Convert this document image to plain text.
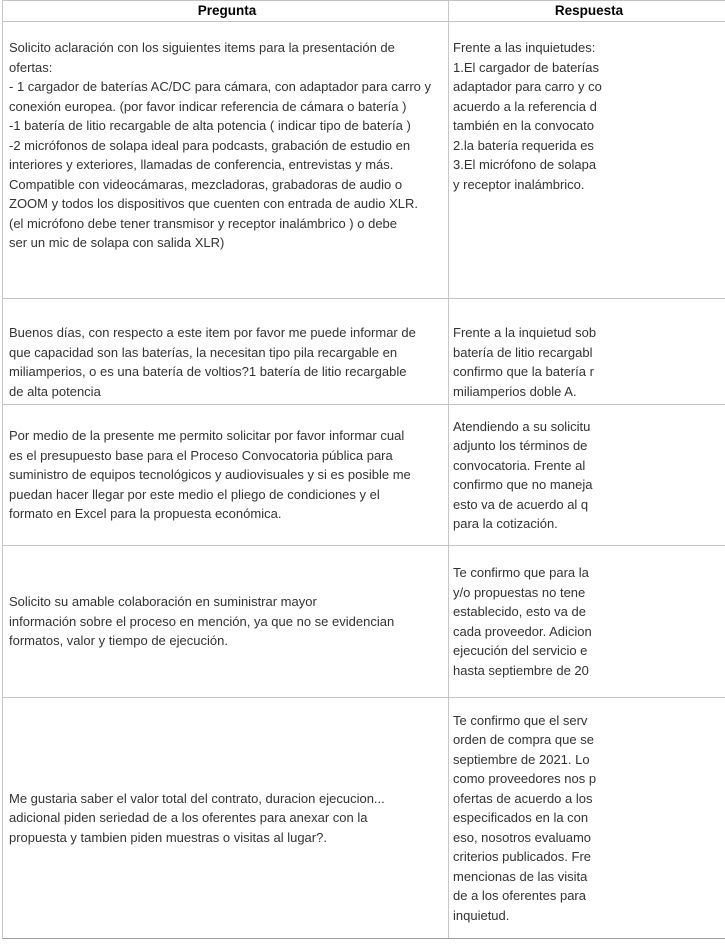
Pregunta	Respuesta
Solicito aclaración con los siguientes items para la presentación de
ofertas:
- 1 cargador de baterías AC/DC para cámara, con adaptador para carro y
conexión europea. (por favor indicar referencia de cámara o batería )
-1 batería de litio recargable de alta potencia ( indicar tipo de batería )
-2 micrófonos de solapa ideal para podcasts, grabación de estudio en
interiores y exteriores, llamadas de conferencia, entrevistas y más.
Compatible con videocámaras, mezcladoras, grabadoras de audio o
ZOOM y todos los dispositivos que cuenten con entrada de audio XLR.
(el micrófono debe tener transmisor y receptor inalámbrico ) o debe
ser un mic de solapa con salida XLR)
Frente a las inquietudes:
1.El cargador de baterías
adaptador para carro y co
acuerdo a la referencia d
también en la convocato
2.la batería requerida es
3.El micrófono de solapa
y receptor inalámbrico.
Buenos días, con respecto a este item por favor me puede informar de
que capacidad son las baterías, la necesitan tipo pila recargable en
miliamperios, o es una batería de voltios?1 batería de litio recargable
de alta potencia
Frente a la inquietud sob
batería de litio recargabl
confirmo que la batería r
miliamperios doble A.
Por medio de la presente me permito solicitar por favor informar cual
es el presupuesto base para el Proceso Convocatoria pública para
suministro de equipos tecnológicos y audiovisuales y si es posible me
puedan hacer llegar por este medio el pliego de condiciones y el
formato en Excel para la propuesta económica.
Atendiendo a su solicitu
adjunto los términos de
convocatoria. Frente al
confirmo que no maneja
esto va de acuerdo al q
para la cotización.
Solicito su amable colaboración en suministrar mayor
información sobre el proceso en mención, ya que no se evidencian
formatos, valor y tiempo de ejecución.
Te confirmo que para la
y/o propuestas no tene
establecido, esto va de
cada proveedor. Adicion
ejecución del servicio e
hasta septiembre de 20
Me gustaria saber el valor total del contrato, duracion ejecucion...
adicional piden seriedad de a los oferentes para anexar con la
propuesta y tambien piden muestras o visitas al lugar?.
Te confirmo que el serv
orden de compra que se
septiembre de 2021. Lo
como proveedores nos p
ofertas de acuerdo a los
especificados en la con
eso, nosotros evaluamo
criterios publicados. Fre
mencionas de las visita
de a los oferentes para
inquietud.
